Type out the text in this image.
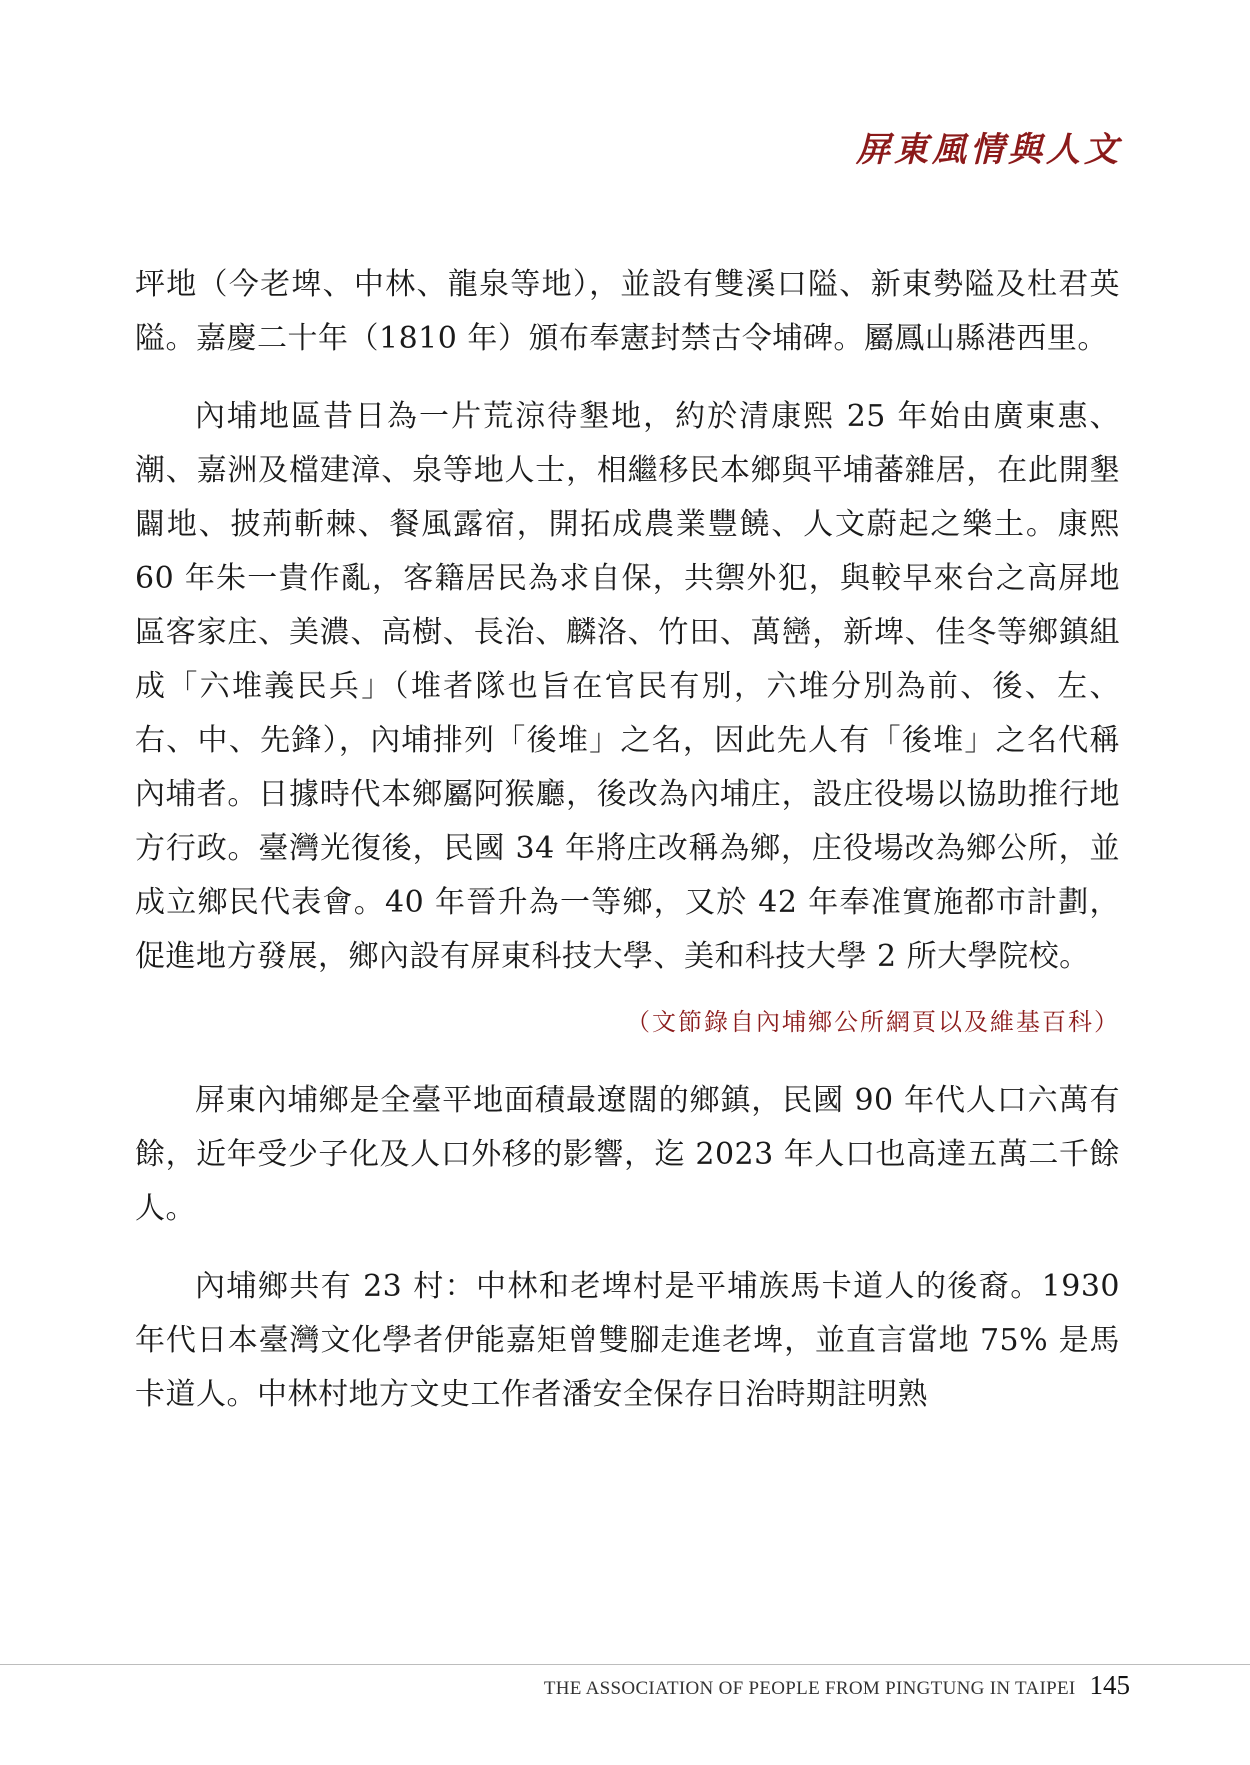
屏東風情與人文

坪地（今老埤、中林、龍泉等地），並設有雙溪口隘、新東勢隘及杜君英隘。嘉慶二十年（1810 年）頒布奉憲封禁古令埔碑。屬鳳山縣港西里。

內埔地區昔日為一片荒涼待墾地，約於清康熙 25 年始由廣東惠、潮、嘉洲及檔建漳、泉等地人士，相繼移民本鄉與平埔蕃雜居，在此開墾闢地、披荊斬棘、餐風露宿，開拓成農業豐饒、人文蔚起之樂土。康熙 60 年朱一貴作亂，客籍居民為求自保，共禦外犯，與較早來台之高屏地區客家庄、美濃、高樹、長治、麟洛、竹田、萬巒，新埤、佳冬等鄉鎮組成「六堆義民兵」（堆者隊也旨在官民有別，六堆分別為前、後、左、右、中、先鋒），內埔排列「後堆」之名，因此先人有「後堆」之名代稱內埔者。日據時代本鄉屬阿猴廳，後改為內埔庄，設庄役場以協助推行地方行政。臺灣光復後，民國 34 年將庄改稱為鄉，庄役場改為鄉公所，並成立鄉民代表會。40 年晉升為一等鄉，又於 42 年奉准實施都市計劃，促進地方發展，鄉內設有屏東科技大學、美和科技大學 2 所大學院校。

（文節錄自內埔鄉公所網頁以及維基百科）

屏東內埔鄉是全臺平地面積最遼闊的鄉鎮，民國 90 年代人口六萬有餘，近年受少子化及人口外移的影響，迄 2023 年人口也高達五萬二千餘人。

內埔鄉共有 23 村：中林和老埤村是平埔族馬卡道人的後裔。1930 年代日本臺灣文化學者伊能嘉矩曾雙腳走進老埤，並直言當地 75% 是馬卡道人。中林村地方文史工作者潘安全保存日治時期註明熟

THE ASSOCIATION OF PEOPLE FROM PINGTUNG IN TAIPEI 145
